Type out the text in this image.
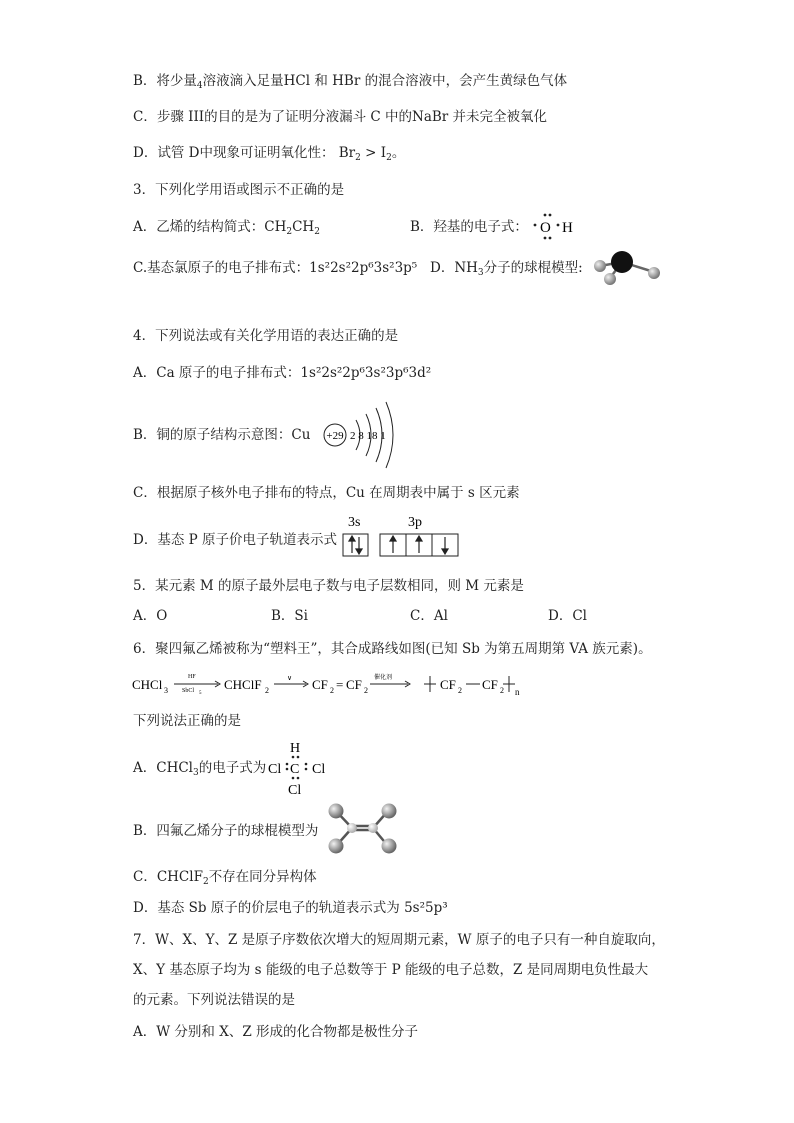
B．将少量$_4$溶液滴入足量HCl 和 HBr 的混合溶液中，会产生黄绿色气体
C．步骤 III的目的是为了证明分液漏斗 C 中的NaBr 并未完全被氧化
D．试管 D中现象可证明氧化性： $Br_2 > I_2$。
3．下列化学用语或图示不正确的是
A．乙烯的结构简式：$CH_2CH_2$	B．羟基的电子式： O H
C.基态氯原子的电子排布式：1s²2s²2p⁶3s²3p⁵ D．$NH_3$分子的球棍模型:
4．下列说法或有关化学用语的表达正确的是
A．Ca 原子的电子排布式：1s²2s²2p⁶3s²3p⁶3d²
B．铜的原子结构示意图：Cu +29 2 8 18 1
C．根据原子核外电子排布的特点，Cu 在周期表中属于 s 区元素
D．基态 P 原子价电子轨道表示式
3s	3p
5．某元素 M 的原子最外层电子数与电子层数相同，则 M 元素是
A．O	B．Si	C．Al	D．Cl
6．聚四氟乙烯被称为“塑料王”，其合成路线如图(已知 Sb 为第五周期第 VA 族元素)。
CHCl 3
HF
SbCl 5
CHClF 2
∨ CF 2 = CF 2
催化剂	CF 2 CF 2 n
下列说法正确的是
A．CHCl$_3$的电子式为
H
Cl C Cl
Cl
B．四氟乙烯分子的球棍模型为
C．CHClF$_2$不存在同分异构体
D．基态 Sb 原子的价层电子的轨道表示式为 5s²5p³
7．W、X、Y、Z 是原子序数依次增大的短周期元素，W 原子的电子只有一种自旋取向，
X、Y 基态原子均为 s 能级的电子总数等于 P 能级的电子总数，Z 是同周期电负性最大
的元素。下列说法错误的是
A．W 分别和 X、Z 形成的化合物都是极性分子
